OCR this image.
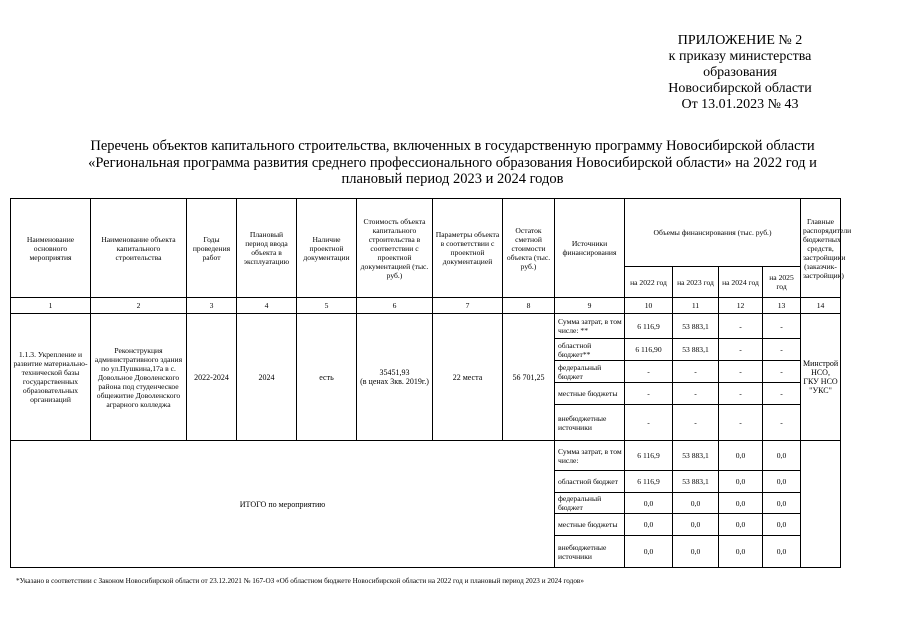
ПРИЛОЖЕНИЕ № 2
к приказу министерства
образования
Новосибирской области
От 13.01.2023 № 43
Перечень объектов капитального строительства, включенных в государственную программу Новосибирской области
«Региональная программа развития среднего профессионального образования Новосибирской области» на 2022 год и
плановый период 2023 и 2024 годов
Наименование основного мероприятия	Наименование объекта капитального строительства	Годы проведения работ	Плановый период ввода объекта в эксплуатацию	Наличие проектной документации	Стоимость объекта капитального строительства в соответствии с проектной документацией (тыс. руб.)	Параметры объекта в соответствии с проектной документацией	Остаток сметной стоимости объекта (тыс. руб.)	Источники финансирования	Объемы финансирования (тыс. руб.)				Главные распорядители бюджетных средств, застройщики (заказчик-застройщик)
									на 2022 год	на 2023 год	на 2024 год	на 2025 год	
1	2	3	4	5	6	7	8	9	10	11	12	13	14
1.1.3. Укрепление и развитие материально-технической базы государственных образовательных организаций	Реконструкция административного здания по ул.Пушкина,17а в с. Довольное Доволенского района под студенческое общежитие Доволенского аграрного колледжа	2022-2024	2024	есть	35451,93
(в ценах 3кв. 2019г.)	22 места	56 701,25	Сумма затрат, в том числе: **	6 116,9	53 883,1	-	-	Минстрой НСО, ГКУ НСО "УКС"
								областной бюджет**	6 116,90	53 883,1	-	-	
								федеральный бюджет	-	-	-	-	
								местные бюджеты	-	-	-	-	
								внебюджетные источники	-	-	-	-	
ИТОГО по мероприятию								Сумма затрат, в том числе:	6 116,9	53 883,1	0,0	0,0	
								областной бюджет	6 116,9	53 883,1	0,0	0,0	
								федеральный бюджет	0,0	0,0	0,0	0,0	
								местные бюджеты	0,0	0,0	0,0	0,0	
								внебюджетные источники	0,0	0,0	0,0	0,0	
*Указано в соответствии с Законом Новосибирской области от 23.12.2021 № 167-ОЗ «Об областном бюджете Новосибирской области на 2022 год и плановый период 2023 и 2024 годов»
